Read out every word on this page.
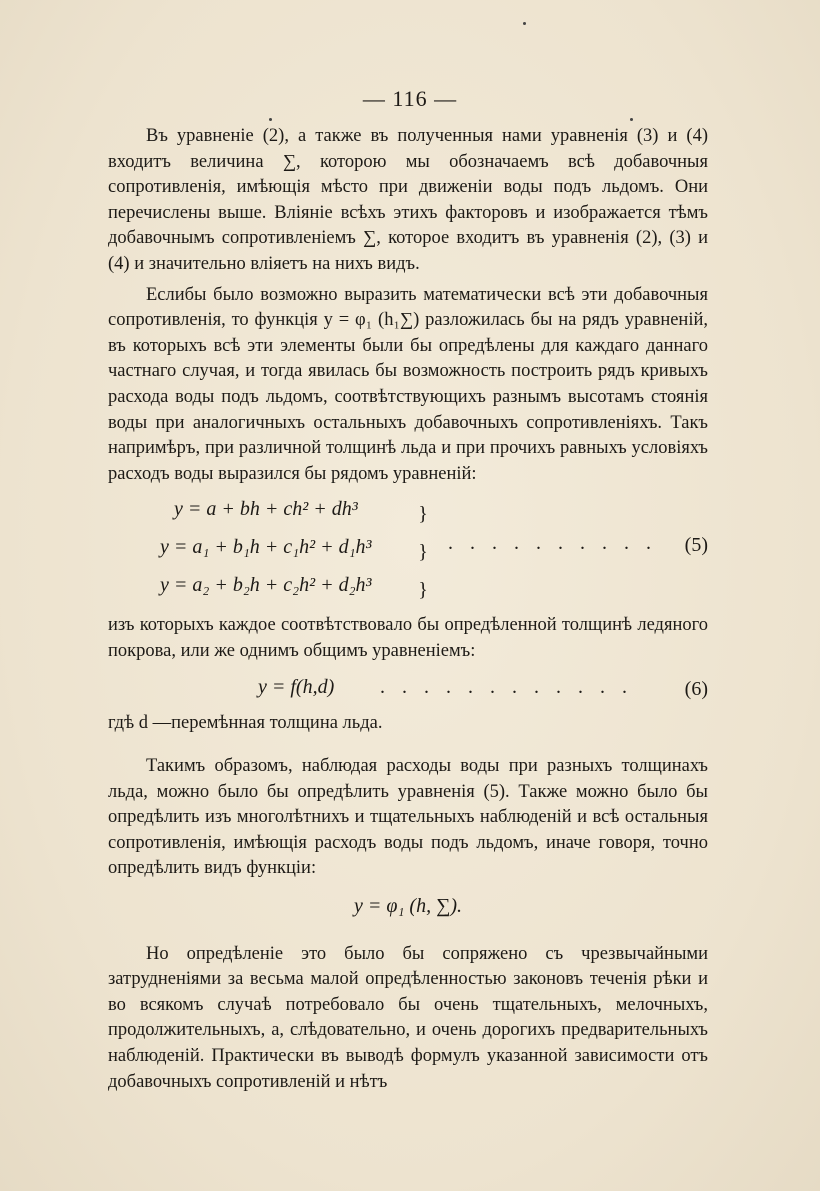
— 116 —

Въ уравненіе (2), а также въ полученныя нами уравненія (3) и (4) входитъ величина ∑, которою мы обозначаемъ всѣ добавочныя сопротивленія, имѣющія мѣсто при движеніи воды подъ льдомъ. Они перечислены выше. Вліяніе всѣхъ этихъ факторовъ и изображается тѣмъ добавочнымъ сопротивленіемъ ∑, которое входитъ въ уравненія (2), (3) и (4) и значительно вліяетъ на нихъ видъ.

Еслибы было возможно выразить математически всѣ эти добавочныя сопротивленія, то функція y = φ₁ (h₁∑) разложилась бы на рядъ уравненій, въ которыхъ всѣ эти элементы были бы опредѣлены для каждаго даннаго частнаго случая, и тогда явилась бы возможность построить рядъ кривыхъ расхода воды подъ льдомъ, соотвѣтствующихъ разнымъ высотамъ стоянія воды при аналогичныхъ остальныхъ добавочныхъ сопротивленіяхъ. Такъ напримѣръ, при различной толщинѣ льда и при прочихъ равныхъ условіяхъ расходъ воды выразился бы рядомъ уравненій:

y = a + bh + ch² + dh³
y = a₁ + b₁h + c₁h² + d₁h³
y = a₂ + b₂h + c₂h² + d₂h³
}
}
}
. . . . . . . . . . (5)

изъ которыхъ каждое соотвѣтствовало бы опредѣленной толщинѣ ледяного покрова, или же однимъ общимъ уравненіемъ:

y = f(h,d) . . . . . . . . . . . .	(6)

гдѣ d —перемѣнная толщина льда.

Такимъ образомъ, наблюдая расходы воды при разныхъ толщинахъ льда, можно было бы опредѣлить уравненія (5). Также можно было бы опредѣлить изъ многолѣтнихъ и тщательныхъ наблюденій и всѣ остальныя сопротивленія, имѣющія расходъ воды подъ льдомъ, иначе говоря, точно опредѣлить видъ функціи:

y = φ₁ (h, ∑).

Но опредѣленіе это было бы сопряжено съ чрезвычайными затрудненіями за весьма малой опредѣленностью законовъ теченія рѣки и во всякомъ случаѣ потребовало бы очень тщательныхъ, мелочныхъ, продолжительныхъ, а, слѣдовательно, и очень дорогихъ предварительныхъ наблюденій. Практически въ выводѣ формулъ указанной зависимости отъ добавочныхъ сопротивленій и нѣтъ
